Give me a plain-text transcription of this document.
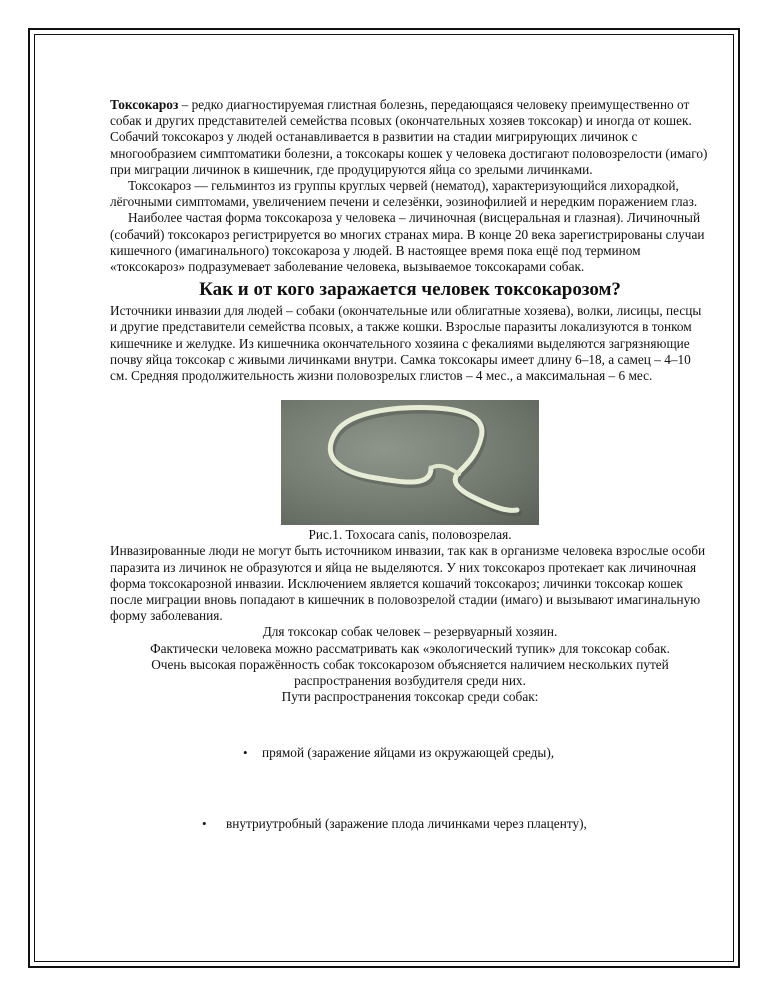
Токсокароз – редко диагностируемая глистная болезнь, передающаяся человеку преимущественно от собак и других представителей семейства псовых (окончательных хозяев токсокар) и иногда от кошек. Собачий токсокароз у людей останавливается в развитии на стадии мигрирующих личинок с многообразием симптоматики болезни, а токсокары кошек у человека достигают половозрелости (имаго) при миграции личинок в кишечник, где продуцируются яйца со зрелыми личинками.

Токсокароз — гельминтоз из группы круглых червей (нематод), характеризующийся лихорадкой, лёгочными симптомами, увеличением печени и селезёнки, эозинофилией и нередким поражением глаз.

Наиболее частая форма токсокароза у человека – личиночная (висцеральная и глазная). Личиночный (собачий) токсокароз регистрируется во многих странах мира. В конце 20 века зарегистрированы случаи кишечного (имагинального) токсокароза у людей. В настоящее время пока ещё под термином «токсокароз» подразумевает заболевание человека, вызываемое токсокарами собак.

Как и от кого заражается человек токсокарозом?

Источники инвазии для людей – собаки (окончательные или облигатные хозяева), волки, лисицы, песцы и другие представители семейства псовых, а также кошки. Взрослые паразиты локализуются в тонком кишечнике и желудке. Из кишечника окончательного хозяина с фекалиями выделяются загрязняющие почву яйца токсокар с живыми личинками внутри. Самка токсокары имеет длину 6–18, а самец – 4–10 см. Средняя продолжительность жизни половозрелых глистов – 4 мес., а максимальная – 6 мес.

Рис.1. Toxocara canis, половозрелая.

Инвазированные люди не могут быть источником инвазии, так как в организме человека взрослые особи паразита из личинок не образуются и яйца не выделяются. У них токсокароз протекает как личиночная форма токсокарозной инвазии. Исключением является кошачий токсокароз; личинки токсокар кошек после миграции вновь попадают в кишечник в половозрелой стадии (имаго) и вызывают имагинальную форму заболевания.

Для токсокар собак человек – резервуарный хозяин.

Фактически человека можно рассматривать как «экологический тупик» для токсокар собак.

Очень высокая поражённость собак токсокарозом объясняется наличием нескольких путей распространения возбудителя среди них.

Пути распространения токсокар среди собак:

• прямой (заражение яйцами из окружающей среды),
• внутриутробный (заражение плода личинками через плаценту),
